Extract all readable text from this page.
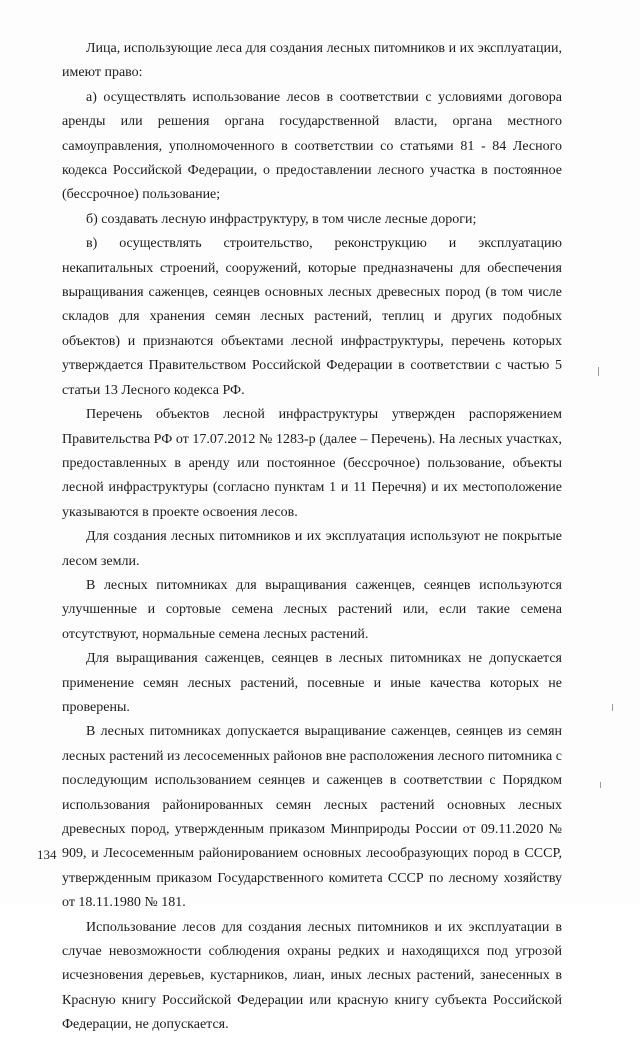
Лица, использующие леса для создания лесных питомников и их эксплуатации, имеют право:

а) осуществлять использование лесов в соответствии с условиями договора аренды или решения органа государственной власти, органа местного самоуправления, уполномоченного в соответствии со статьями 81 - 84 Лесного кодекса Российской Федерации, о предоставлении лесного участка в постоянное (бессрочное) пользование;

б) создавать лесную инфраструктуру, в том числе лесные дороги;

в) осуществлять строительство, реконструкцию и эксплуатацию некапитальных строений, сооружений, которые предназначены для обеспечения выращивания саженцев, сеянцев основных лесных древесных пород (в том числе складов для хранения семян лесных растений, теплиц и других подобных объектов) и признаются объектами лесной инфраструктуры, перечень которых утверждается Правительством Российской Федерации в соответствии с частью 5 статьи 13 Лесного кодекса РФ.

Перечень объектов лесной инфраструктуры утвержден распоряжением Правительства РФ от 17.07.2012 № 1283-р (далее – Перечень). На лесных участках, предоставленных в аренду или постоянное (бессрочное) пользование, объекты лесной инфраструктуры (согласно пунктам 1 и 11 Перечня) и их местоположение указываются в проекте освоения лесов.

Для создания лесных питомников и их эксплуатация используют не покрытые лесом земли.

В лесных питомниках для выращивания саженцев, сеянцев используются улучшенные и сортовые семена лесных растений или, если такие семена отсутствуют, нормальные семена лесных растений.

Для выращивания саженцев, сеянцев в лесных питомниках не допускается применение семян лесных растений, посевные и иные качества которых не проверены.

В лесных питомниках допускается выращивание саженцев, сеянцев из семян лесных растений из лесосеменных районов вне расположения лесного питомника с последующим использованием сеянцев и саженцев в соответствии с Порядком использования районированных семян лесных растений основных лесных древесных пород, утвержденным приказом Минприроды России от 09.11.2020 № 909, и Лесосеменным районированием основных лесообразующих пород в СССР, утвержденным приказом Государственного комитета СССР по лесному хозяйству от 18.11.1980 № 181.

Использование лесов для создания лесных питомников и их эксплуатации в случае невозможности соблюдения охраны редких и находящихся под угрозой исчезновения деревьев, кустарников, лиан, иных лесных растений, занесенных в Красную книгу Российской Федерации или красную книгу субъекта Российской Федерации, не допускается.

134
